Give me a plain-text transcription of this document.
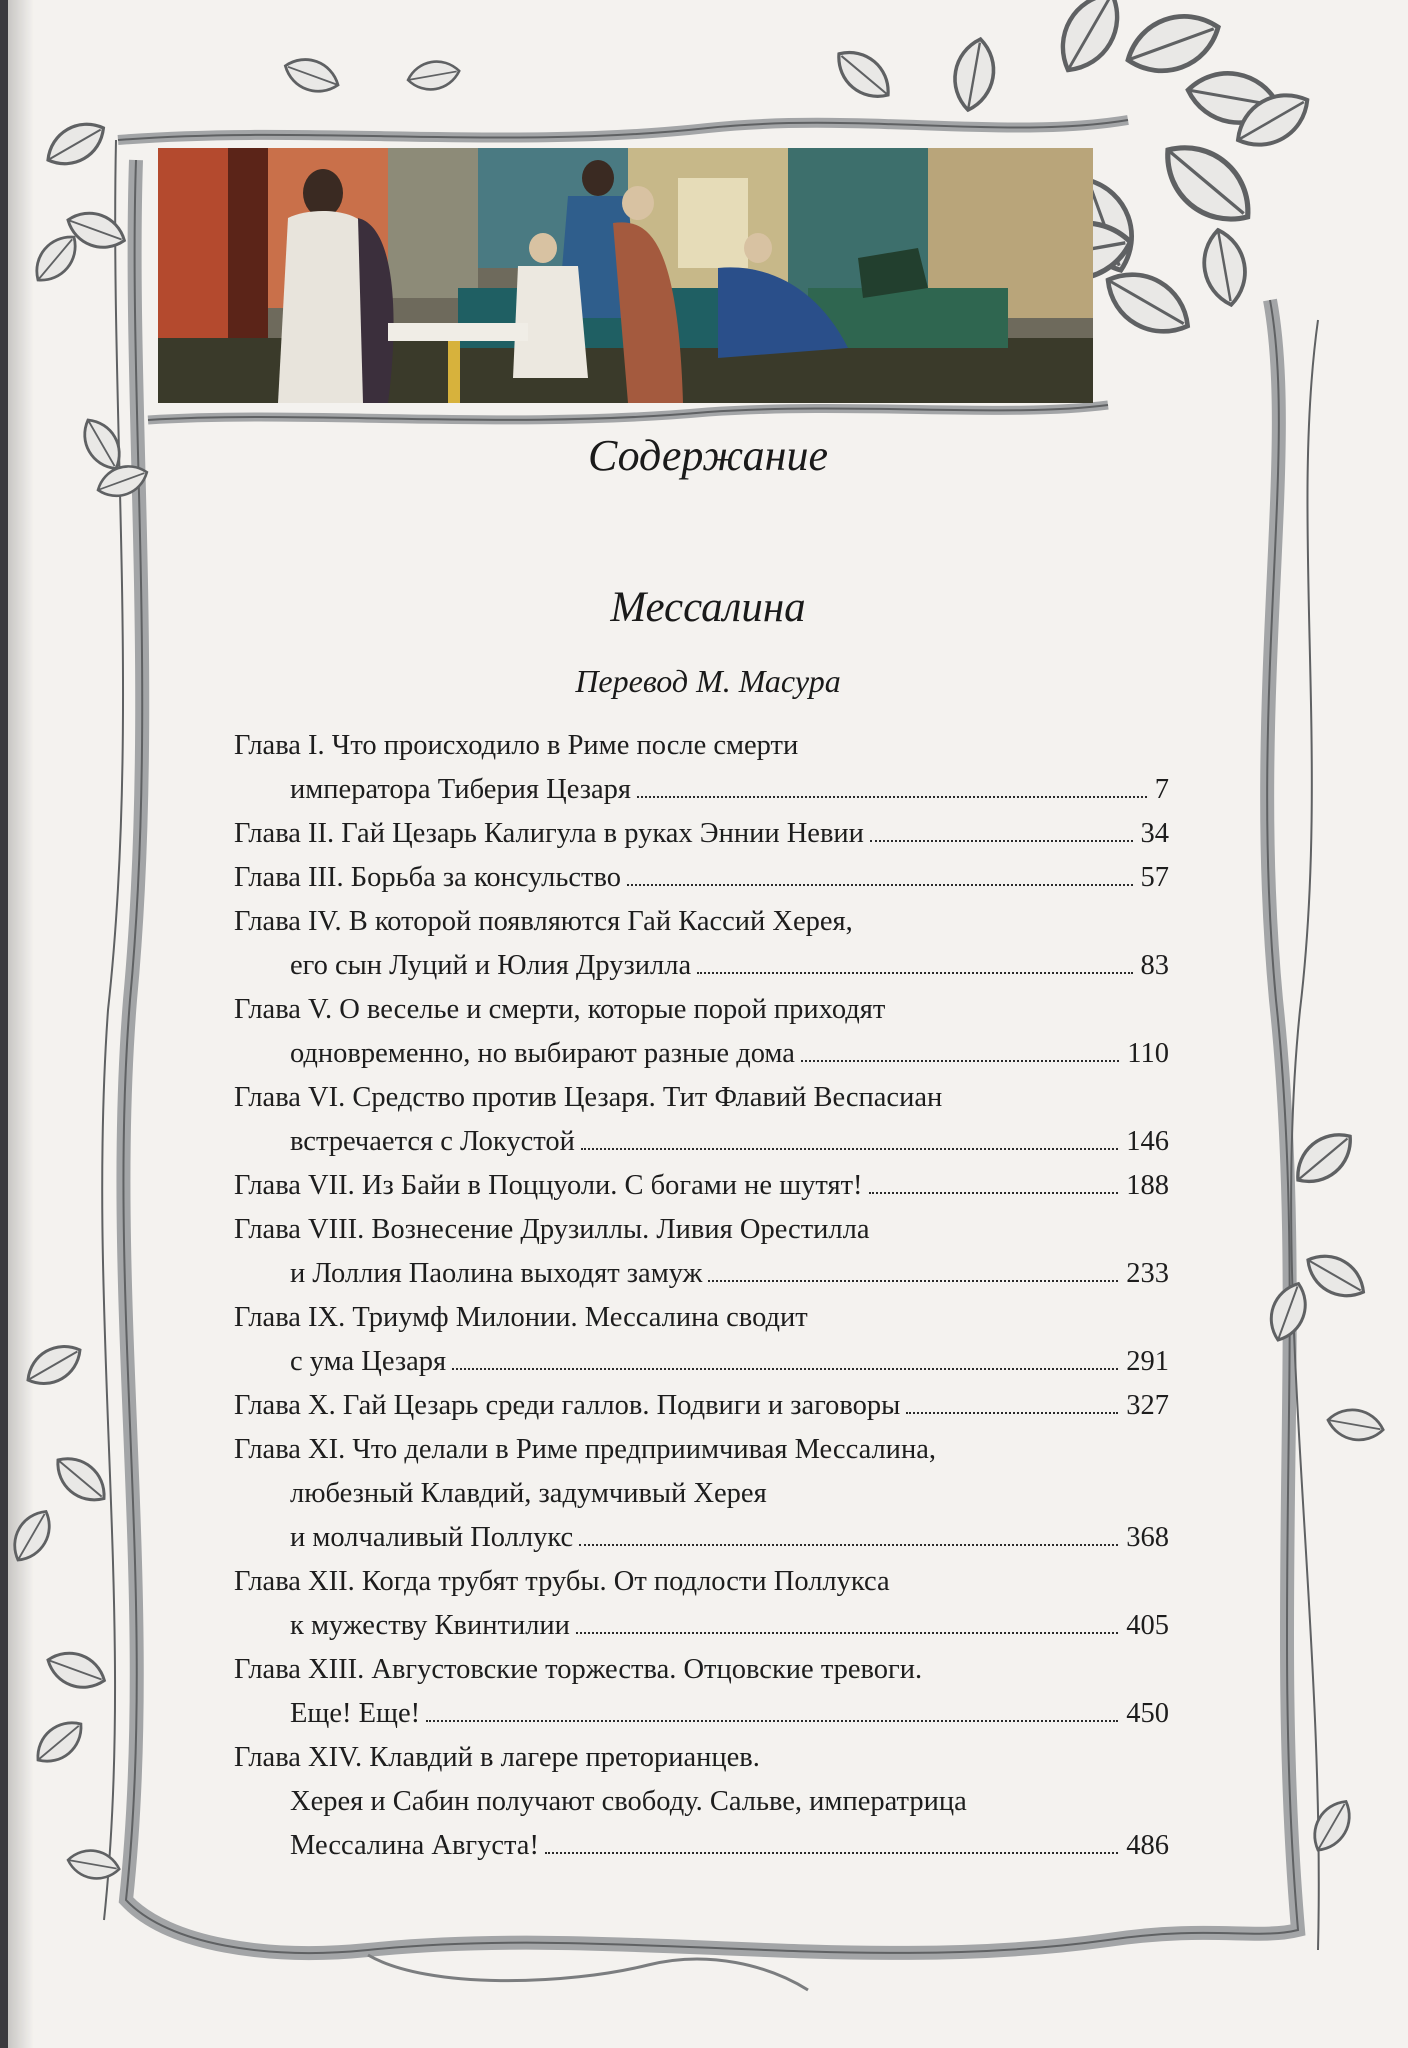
Содержание
Мессалина
Перевод М. Масура
Глава I. Что происходило в Риме после смерти
императора Тиберия Цезаря	7
Глава II. Гай Цезарь Калигула в руках Эннии Невии	34
Глава III. Борьба за консульство	57
Глава IV. В которой появляются Гай Кассий Херея,
его сын Луций и Юлия Друзилла	83
Глава V. О веселье и смерти, которые порой приходят
одновременно, но выбирают разные дома	110
Глава VI. Средство против Цезаря. Тит Флавий Веспасиан
встречается с Локустой	146
Глава VII. Из Байи в Поццуоли. С богами не шутят!	188
Глава VIII. Вознесение Друзиллы. Ливия Орестилла
и Лоллия Паолина выходят замуж	233
Глава IX. Триумф Милонии. Мессалина сводит
с ума Цезаря	291
Глава X. Гай Цезарь среди галлов. Подвиги и заговоры	327
Глава XI. Что делали в Риме предприимчивая Мессалина,
любезный Клавдий, задумчивый Херея
и молчаливый Поллукс	368
Глава XII. Когда трубят трубы. От подлости Поллукса
к мужеству Квинтилии	405
Глава XIII. Августовские торжества. Отцовские тревоги.
Еще! Еще!	450
Глава XIV. Клавдий в лагере преторианцев.
Херея и Сабин получают свободу. Сальве, императрица
Мессалина Августа!	486
